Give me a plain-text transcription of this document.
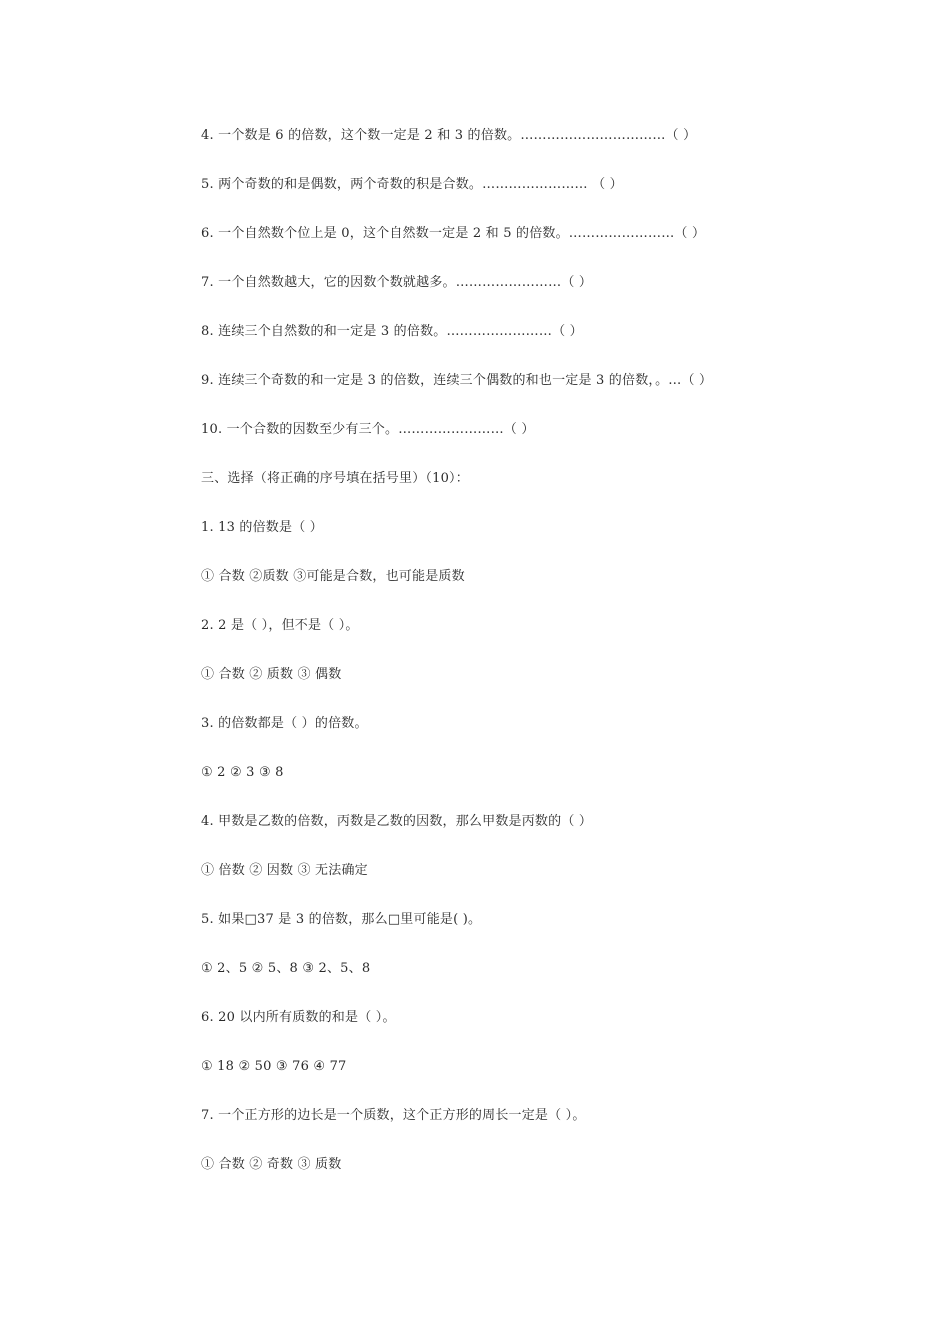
4. 一个数是 6 的倍数，这个数一定是 2 和 3 的倍数。……………………………（ ）
5. 两个奇数的和是偶数，两个奇数的积是合数。…………………… （ ）
6. 一个自然数个位上是 0，这个自然数一定是 2 和 5 的倍数。……………………（ ）
7. 一个自然数越大，它的因数个数就越多。……………………（ ）
8. 连续三个自然数的和一定是 3 的倍数。……………………（ ）
9. 连续三个奇数的和一定是 3 的倍数，连续三个偶数的和也一定是 3 的倍数，。…（ ）
10. 一个合数的因数至少有三个。……………………（ ）
三、选择（将正确的序号填在括号里）（10）：
1. 13 的倍数是（ ）
① 合数 ②质数 ③可能是合数，也可能是质数
2. 2 是（ ），但不是（ ）。
① 合数 ② 质数 ③ 偶数
3. 的倍数都是（ ）的倍数。
① 2 ② 3 ③ 8
4. 甲数是乙数的倍数，丙数是乙数的因数，那么甲数是丙数的（ ）
① 倍数 ② 因数 ③ 无法确定
5. 如果□37 是 3 的倍数，那么□里可能是( )。
① 2、5 ② 5、8 ③ 2、5、8
6. 20 以内所有质数的和是（ ）。
① 18 ② 50 ③ 76 ④ 77
7. 一个正方形的边长是一个质数，这个正方形的周长一定是（ ）。
① 合数 ② 奇数 ③ 质数
